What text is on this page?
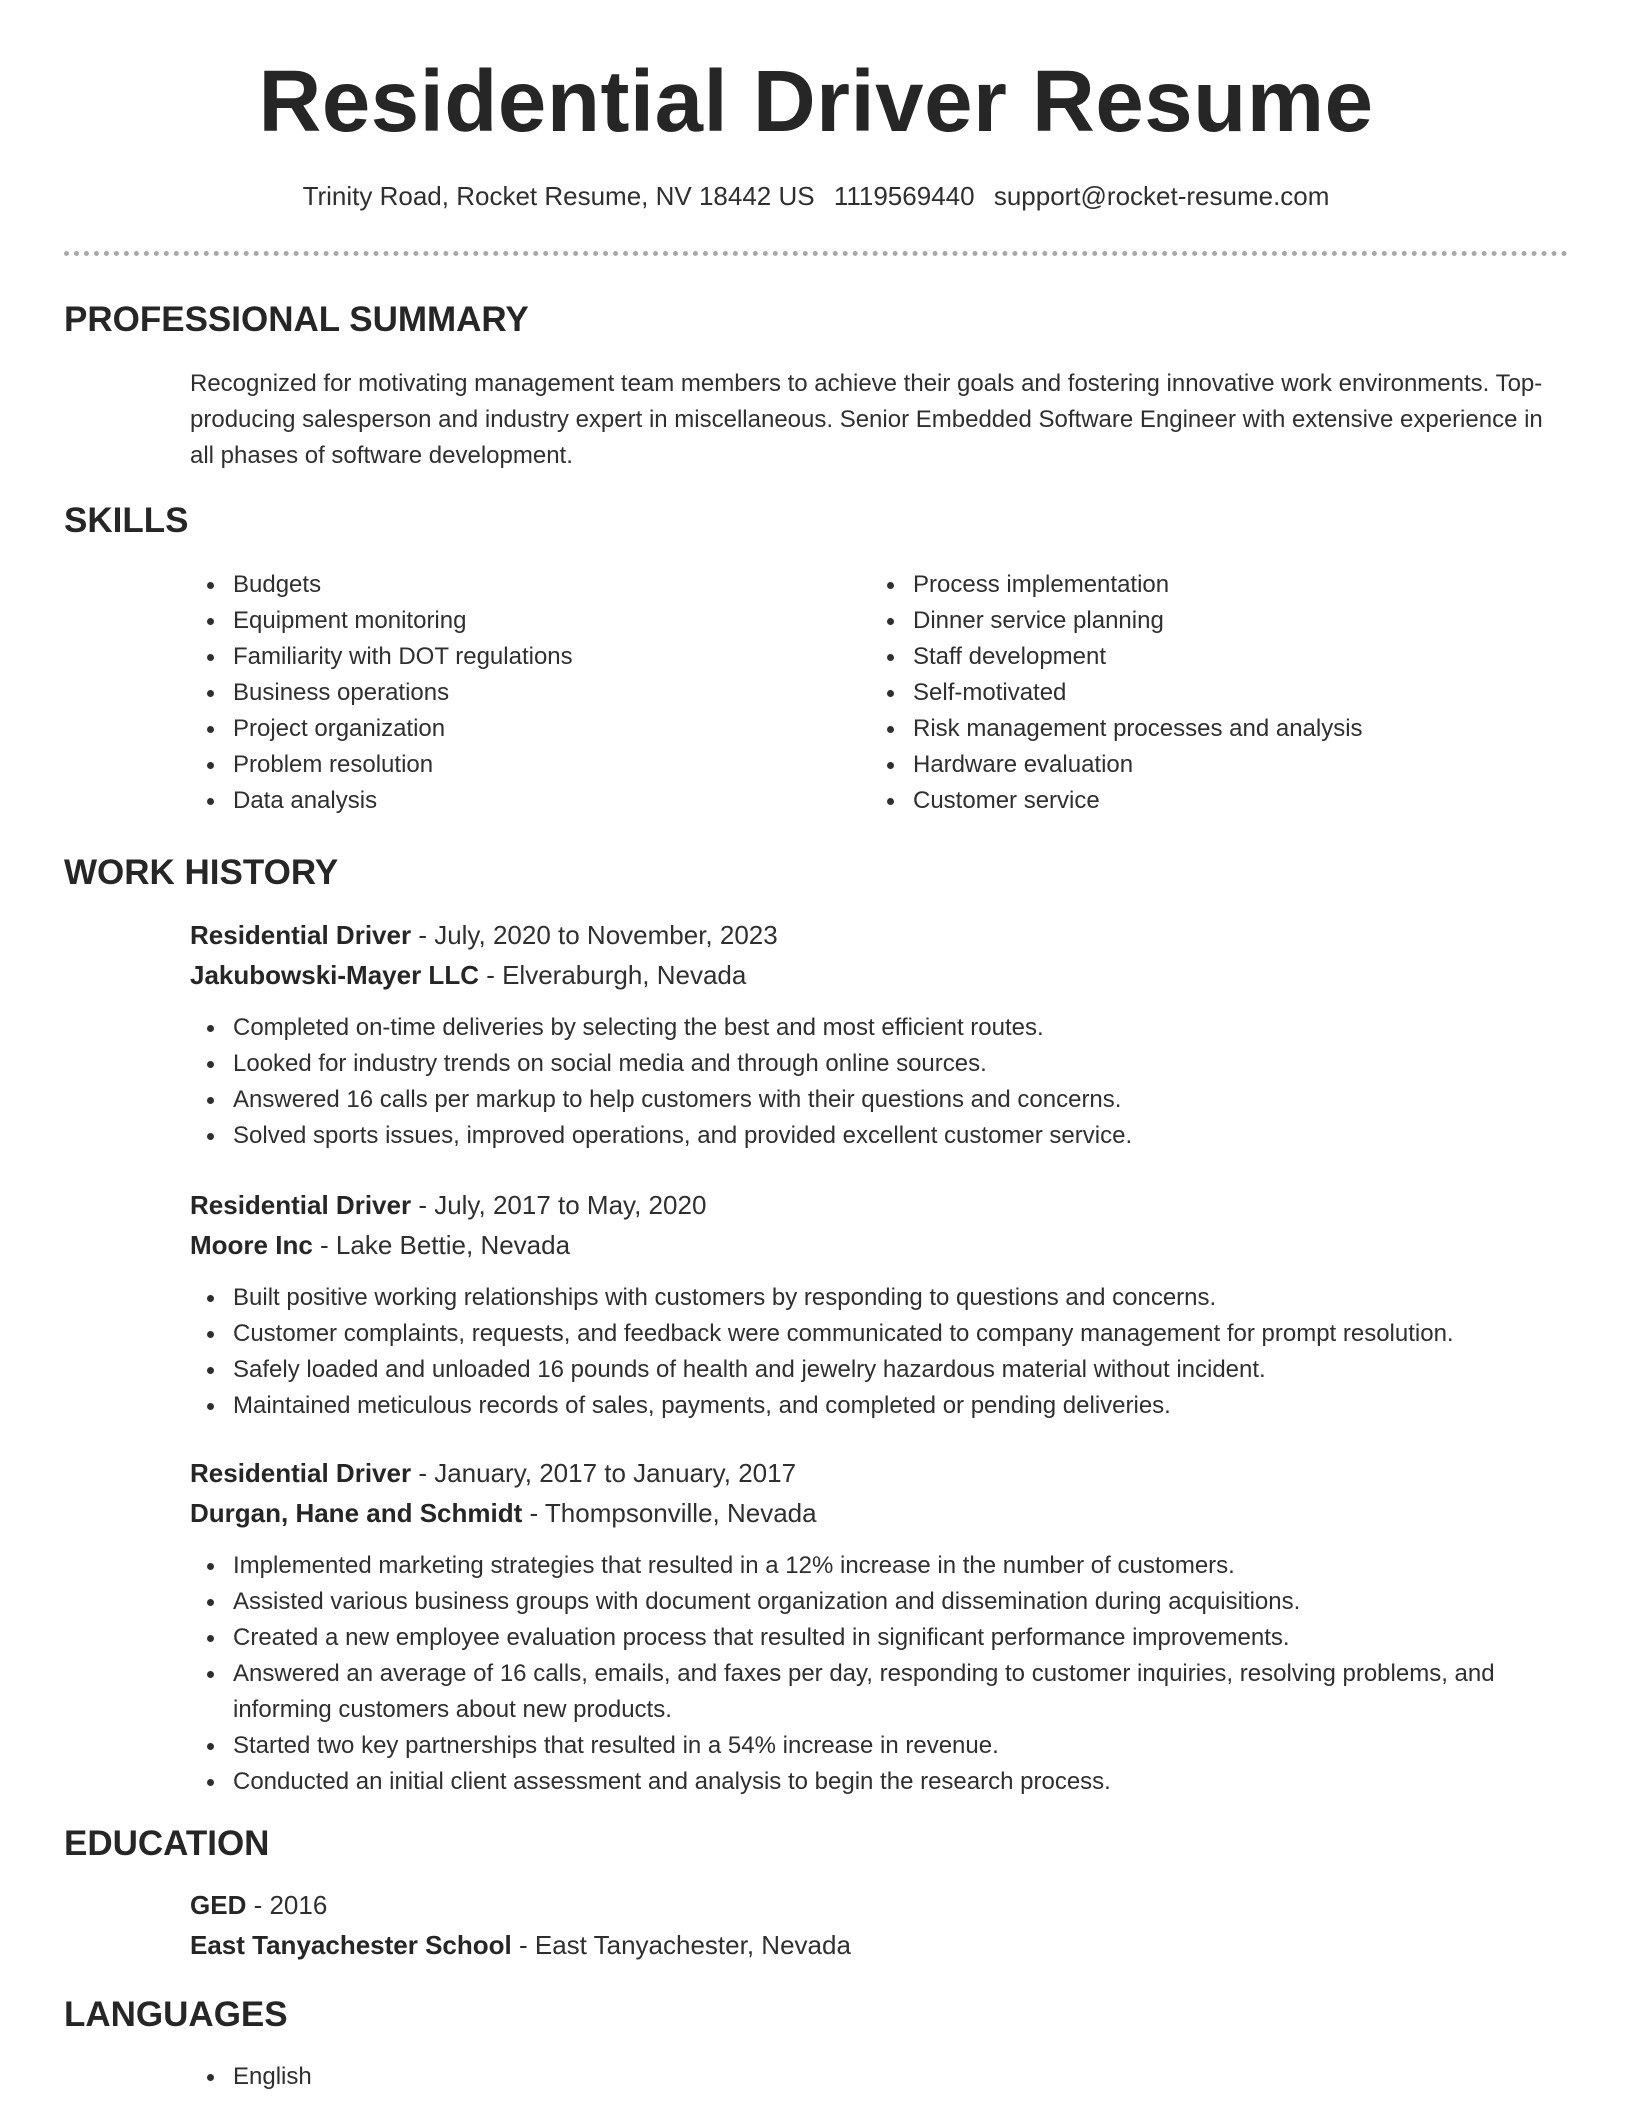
Residential Driver Resume
Trinity Road, Rocket Resume, NV 18442 US 1119569440 support@rocket-resume.com
PROFESSIONAL SUMMARY
Recognized for motivating management team members to achieve their goals and fostering innovative work environments. Top-producing salesperson and industry expert in miscellaneous. Senior Embedded Software Engineer with extensive experience in all phases of software development.
SKILLS
Budgets
Equipment monitoring
Familiarity with DOT regulations
Business operations
Project organization
Problem resolution
Data analysis
Process implementation
Dinner service planning
Staff development
Self-motivated
Risk management processes and analysis
Hardware evaluation
Customer service
WORK HISTORY
Residential Driver - July, 2020 to November, 2023
Jakubowski-Mayer LLC - Elveraburgh, Nevada
Completed on-time deliveries by selecting the best and most efficient routes.
Looked for industry trends on social media and through online sources.
Answered 16 calls per markup to help customers with their questions and concerns.
Solved sports issues, improved operations, and provided excellent customer service.
Residential Driver - July, 2017 to May, 2020
Moore Inc - Lake Bettie, Nevada
Built positive working relationships with customers by responding to questions and concerns.
Customer complaints, requests, and feedback were communicated to company management for prompt resolution.
Safely loaded and unloaded 16 pounds of health and jewelry hazardous material without incident.
Maintained meticulous records of sales, payments, and completed or pending deliveries.
Residential Driver - January, 2017 to January, 2017
Durgan, Hane and Schmidt - Thompsonville, Nevada
Implemented marketing strategies that resulted in a 12% increase in the number of customers.
Assisted various business groups with document organization and dissemination during acquisitions.
Created a new employee evaluation process that resulted in significant performance improvements.
Answered an average of 16 calls, emails, and faxes per day, responding to customer inquiries, resolving problems, and informing customers about new products.
Started two key partnerships that resulted in a 54% increase in revenue.
Conducted an initial client assessment and analysis to begin the research process.
EDUCATION
GED - 2016
East Tanyachester School - East Tanyachester, Nevada
LANGUAGES
English
